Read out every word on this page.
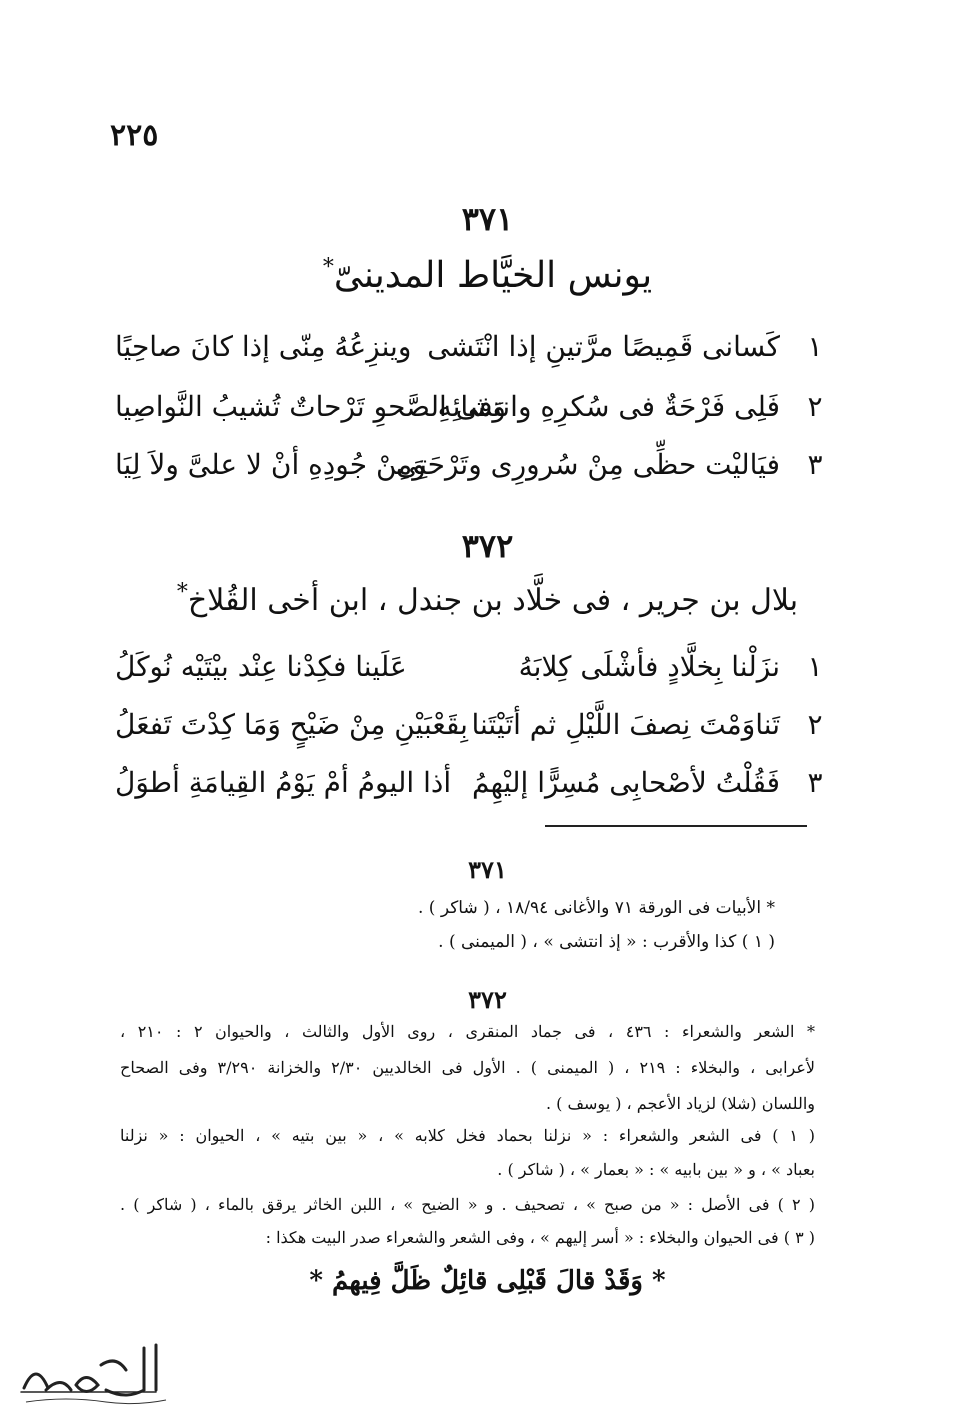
٢٢٥
٣٧١
يونس الخيَّاط المدينىّ*
١
كَسانى قَمِيصًا مرَّتينِ إذا انْتَشى
وينزِعُهُ مِنّى إذا كانَ صاحِيًا
٢
فَلِى فَرْحَةٌ فى سُكرِهِ وانتشائِهِ
وَفى الصَّحوِ تَرْحاتٌ تُشيبُ النَّواصِيا
٣
فيَاليْت حظِّى مِنْ سُرورِى وتَرْحَتِى
وَمِنْ جُودِهِ أنْ لا علىَّ ولاَ لِيَا
٣٧٢
بلال بن جرير ، فى خلَّاد بن جندل ، ابن أخى القُلاخ*
١
نزَلْنا بِخلَّادٍ فأشْلَى كِلابَهُ
عَلَينا فكِدْنا عِنْد بيْتَيْه نُوكَلُ
٢
تَناوَمْتَ نِصفَ اللَّيْلِ ثم أتَيْتَنا
بِقَعْبَيْنِ مِنْ ضَيْحٍ وَمَا كِدْتَ تَفعَلُ
٣
فَقُلْتُ لأصْحابِى مُسِرًّا إليْهِمُ
أذا اليومُ أمْ يَوْمُ القِيامَةِ أطوَلُ
٣٧١
* الأبيات فى الورقة ٧١ والأغانى ١٨/٩٤ ، ( شاكر ) .
( ١ ) كذا والأقرب : « إذ انتشى » ، ( الميمنى ) .
٣٧٢
* الشعر والشعراء : ٤٣٦ ، فى جماد المنقرى ، روى الأول والثالث ، والحيوان ٢ : ٢١٠ ،
لأعرابى ، والبخلاء : ٢١٩ ، ( الميمنى ) . الأول فى الخالديين ٢/٣٠ والخزانة ٣/٢٩٠ وفى الصحاح
واللسان (شلا) لزياد الأعجم ، ( يوسف ) .
( ١ ) فى الشعر والشعراء : « نزلنا بحماد فخل كلابه » ، « بين بتيه » ، الحيوان : « نزلنا
بعباد » ، و « بين بابيه » : « بعمار » ، ( شاكر ) .
( ٢ ) فى الأصل : « من صبح » ، تصحيف . و « الضيح » ، اللبن الخاثر يرقق بالماء ، ( شاكر ) .
( ٣ ) فى الحيوان والبخلاء : « أسر إليهم » ، وفى الشعر والشعراء صدر البيت هكذا :
* وَقَدْ قالَ قَبْلِى قائِلٌ ظَلَّ فِيهمُ *
